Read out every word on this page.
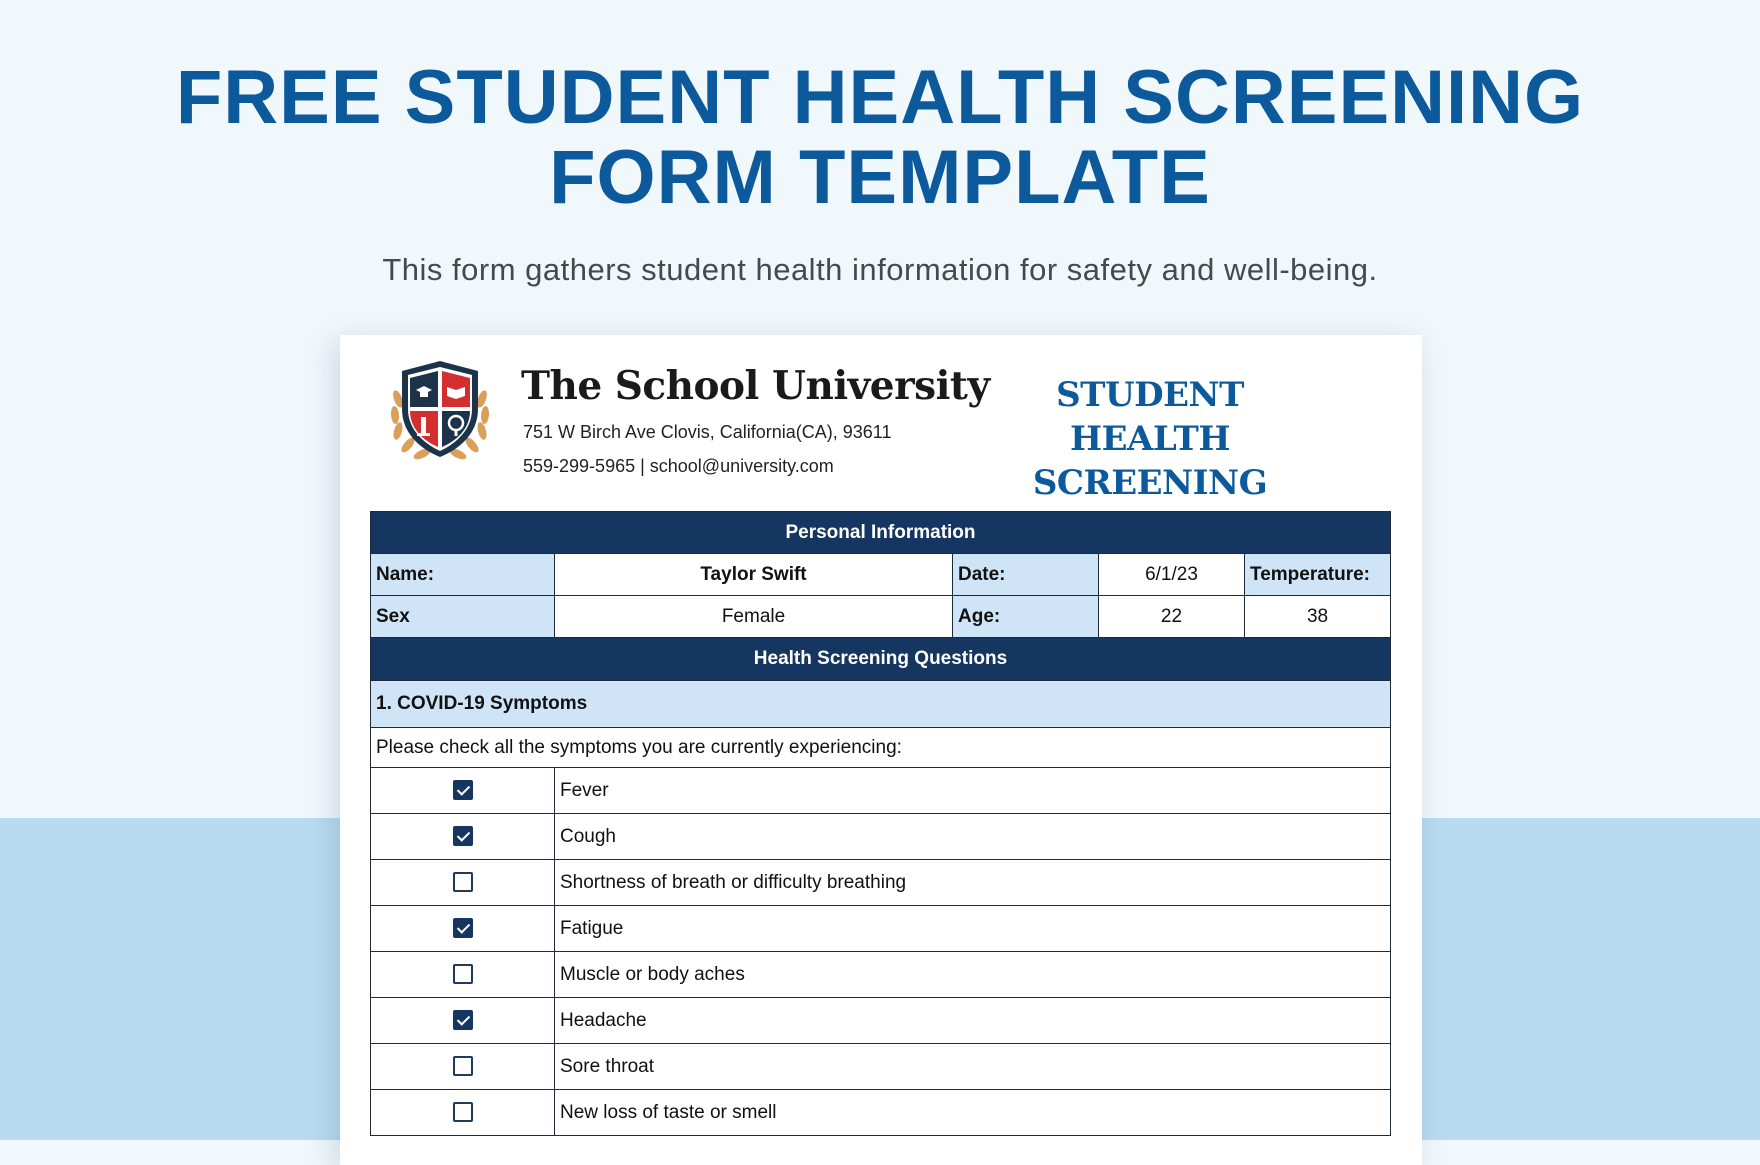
FREE STUDENT HEALTH SCREENING
FORM TEMPLATE

This form gathers student health information for safety and well-being.

The School University
751 W Birch Ave Clovis, California(CA), 93611
559-299-5965 | school@university.com
STUDENT HEALTH
SCREENING
Personal Information				
Name:	Taylor Swift	Date:	6/1/23	Temperature:
Sex	Female	Age:	22	38
Health Screening Questions				
1. COVID-19 Symptoms				
Please check all the symptoms you are currently experiencing:				
	Fever			
	Cough			
	Shortness of breath or difficulty breathing			
	Fatigue			
	Muscle or body aches			
	Headache			
	Sore throat			
	New loss of taste or smell			
